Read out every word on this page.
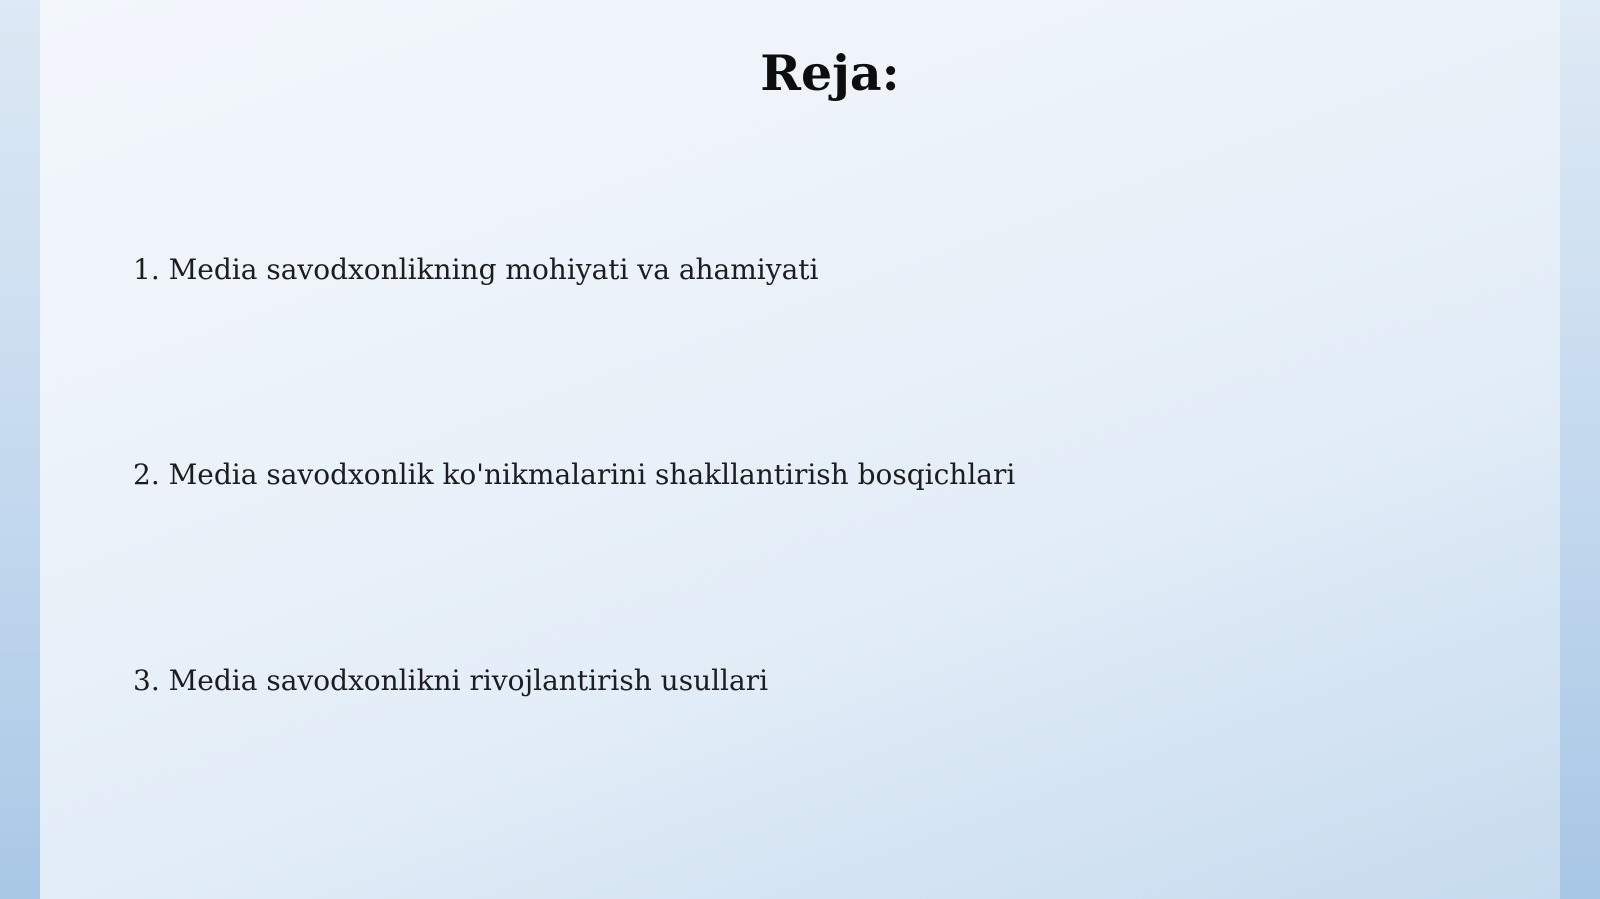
Reja:
1. Media savodxonlikning mohiyati va ahamiyati
2. Media savodxonlik ko'nikmalarini shakllantirish bosqichlari
3. Media savodxonlikni rivojlantirish usullari
